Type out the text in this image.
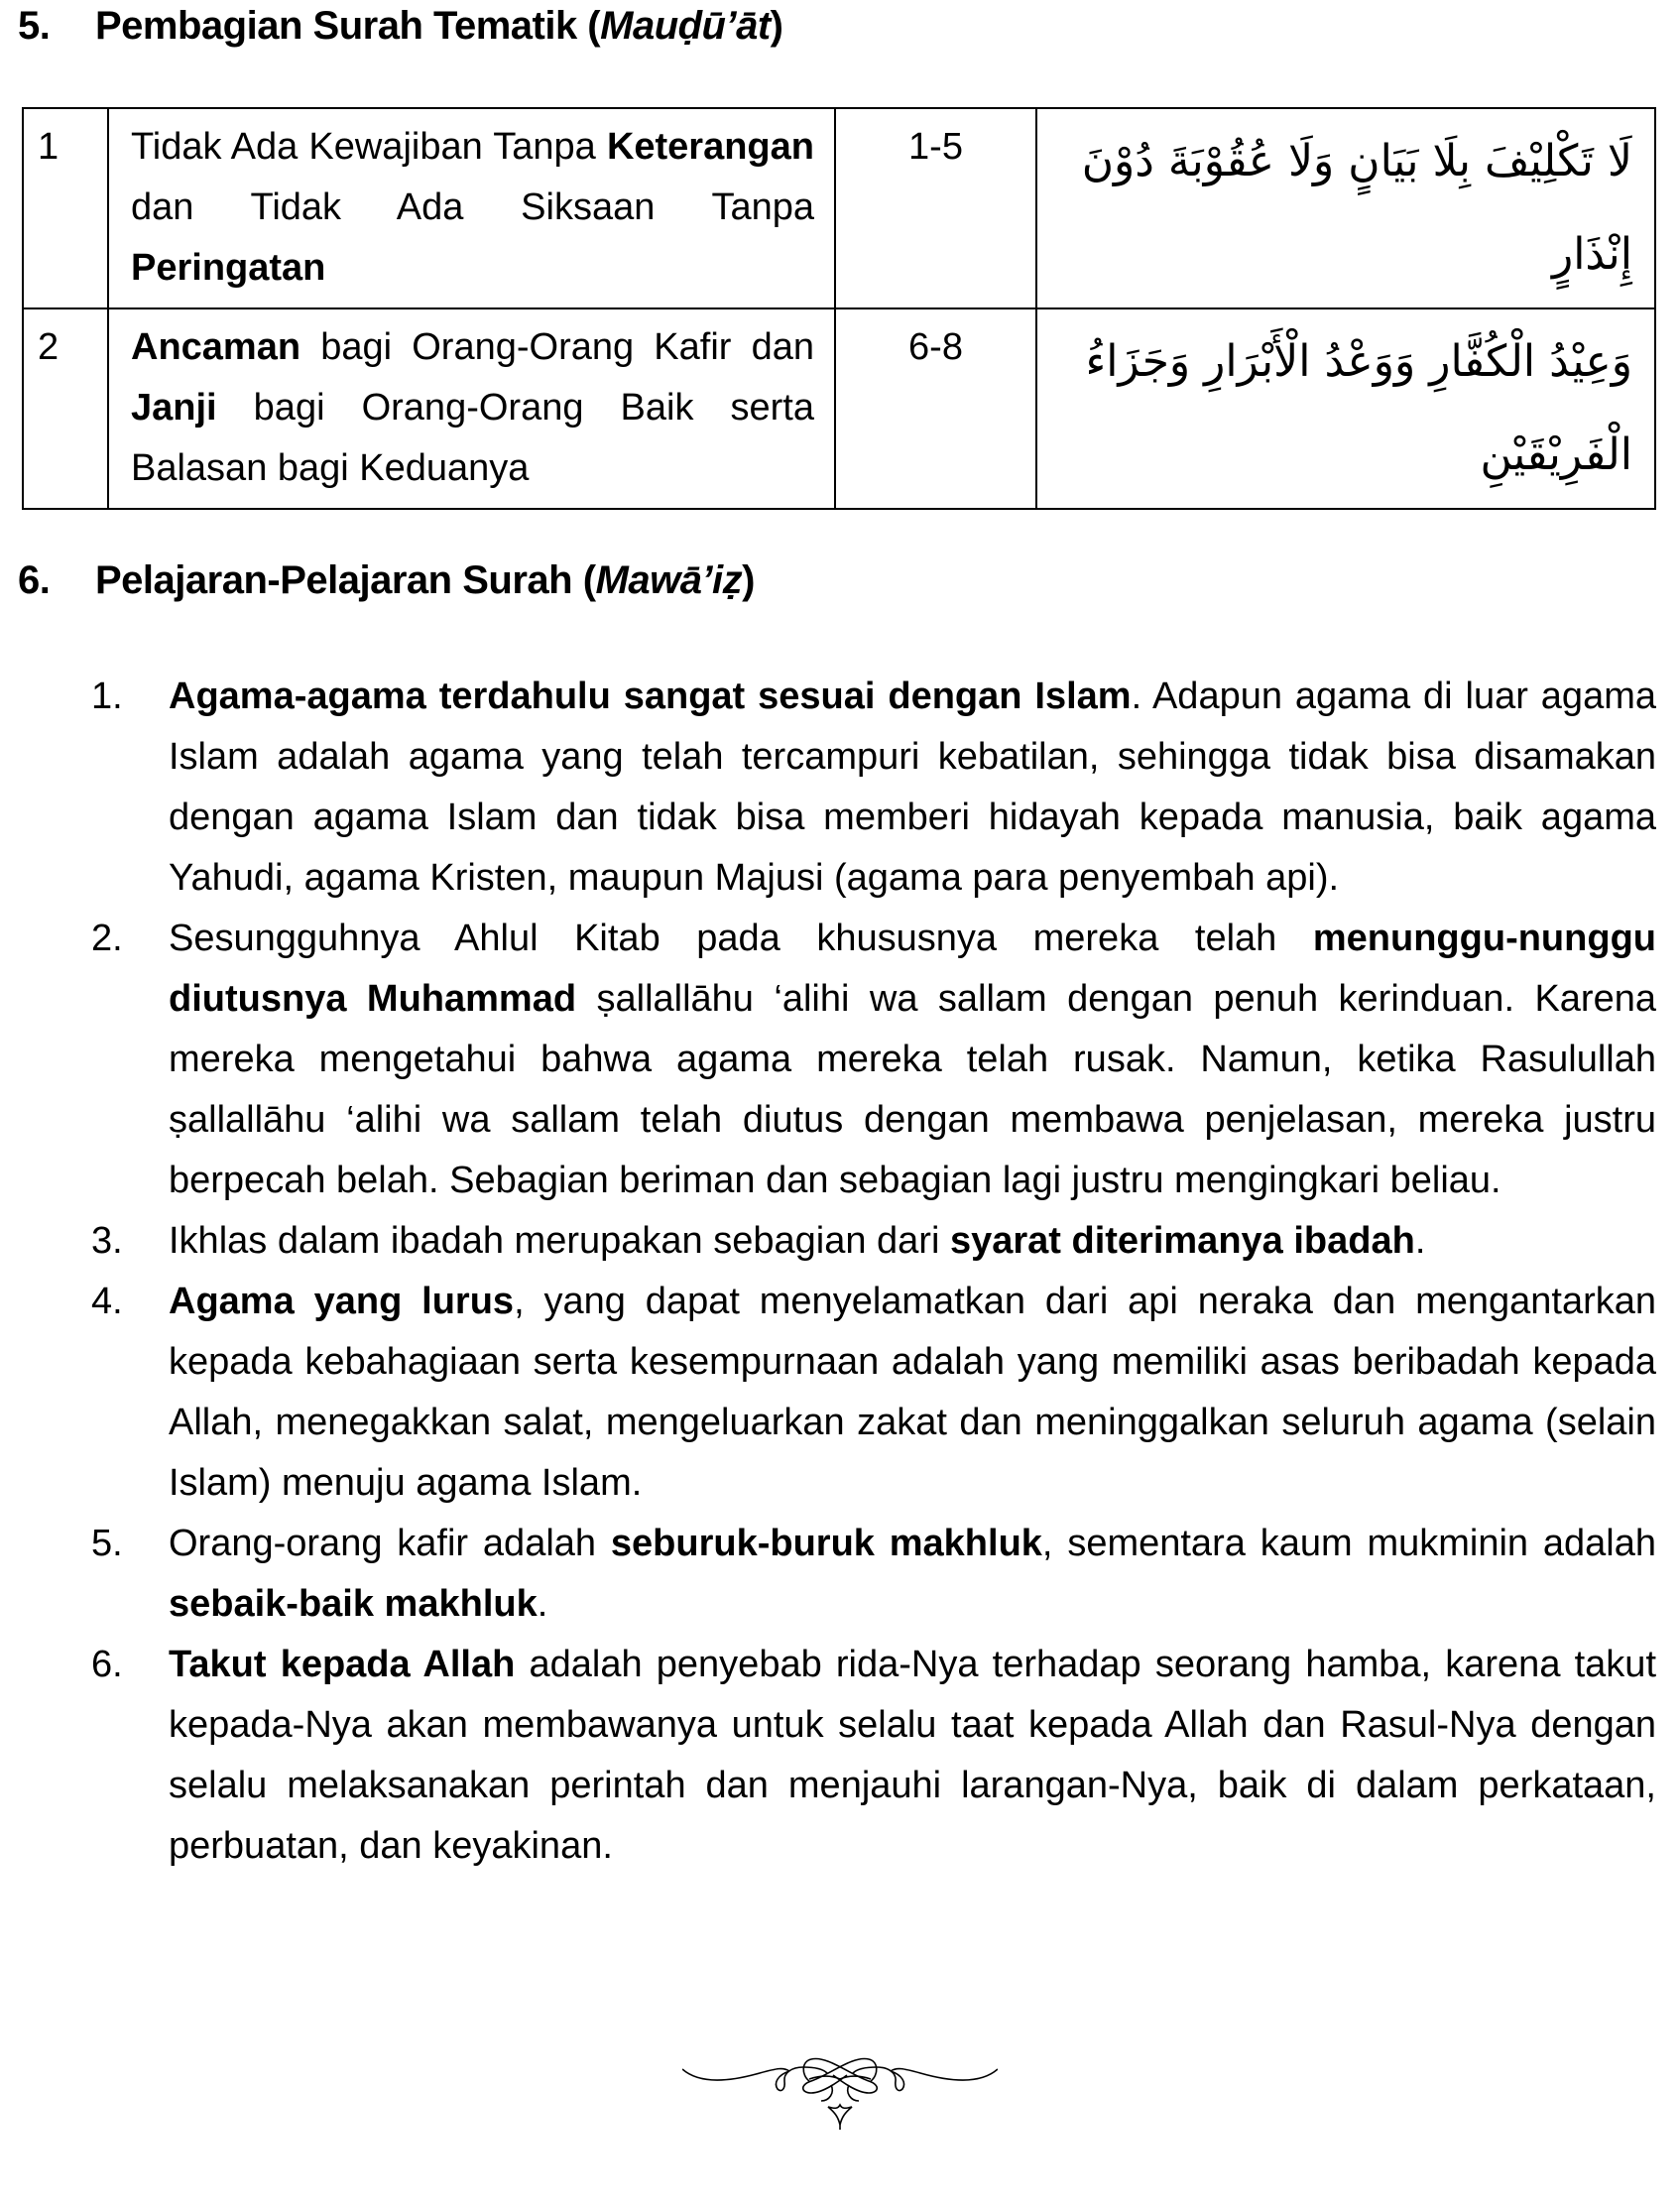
5. Pembagian Surah Tematik (Mauḍū’āt)
1	Tidak Ada Kewajiban Tanpa Keterangan dan Tidak Ada Siksaan Tanpa Peringatan	1-5	لَا تَكْلِيْفَ بِلَا بَيَانٍ وَلَا عُقُوْبَةَ دُوْنَ إِنْذَارٍ

2	Ancaman bagi Orang-Orang Kafir dan Janji bagi Orang-Orang Baik serta Balasan bagi Keduanya	6-8	وَعِيْدُ الْكُفَّارِ وَوَعْدُ الْأَبْرَارِ وَجَزَاءُ الْفَرِيْقَيْنِ
6. Pelajaran-Pelajaran Surah (Mawā’iẓ)
1. Agama-agama terdahulu sangat sesuai dengan Islam. Adapun agama di luar agama Islam adalah agama yang telah tercampuri kebatilan, sehingga tidak bisa disamakan dengan agama Islam dan tidak bisa memberi hidayah kepada manusia, baik agama Yahudi, agama Kristen, maupun Majusi (agama para penyembah api).
2. Sesungguhnya Ahlul Kitab pada khususnya mereka telah menunggu-nunggu diutusnya Muhammad ṣallallāhu ‘alihi wa sallam dengan penuh kerinduan. Karena mereka mengetahui bahwa agama mereka telah rusak. Namun, ketika Rasulullah ṣallallāhu ‘alihi wa sallam telah diutus dengan membawa penjelasan, mereka justru berpecah belah. Sebagian beriman dan sebagian lagi justru mengingkari beliau.
3. Ikhlas dalam ibadah merupakan sebagian dari syarat diterimanya ibadah.
4. Agama yang lurus, yang dapat menyelamatkan dari api neraka dan mengantarkan kepada kebahagiaan serta kesempurnaan adalah yang memiliki asas beribadah kepada Allah, menegakkan salat, mengeluarkan zakat dan meninggalkan seluruh agama (selain Islam) menuju agama Islam.
5. Orang-orang kafir adalah seburuk-buruk makhluk, sementara kaum mukminin adalah sebaik-baik makhluk.
6. Takut kepada Allah adalah penyebab rida-Nya terhadap seorang hamba, karena takut kepada-Nya akan membawanya untuk selalu taat kepada Allah dan Rasul-Nya dengan selalu melaksanakan perintah dan menjauhi larangan-Nya, baik di dalam perkataan, perbuatan, dan keyakinan.
